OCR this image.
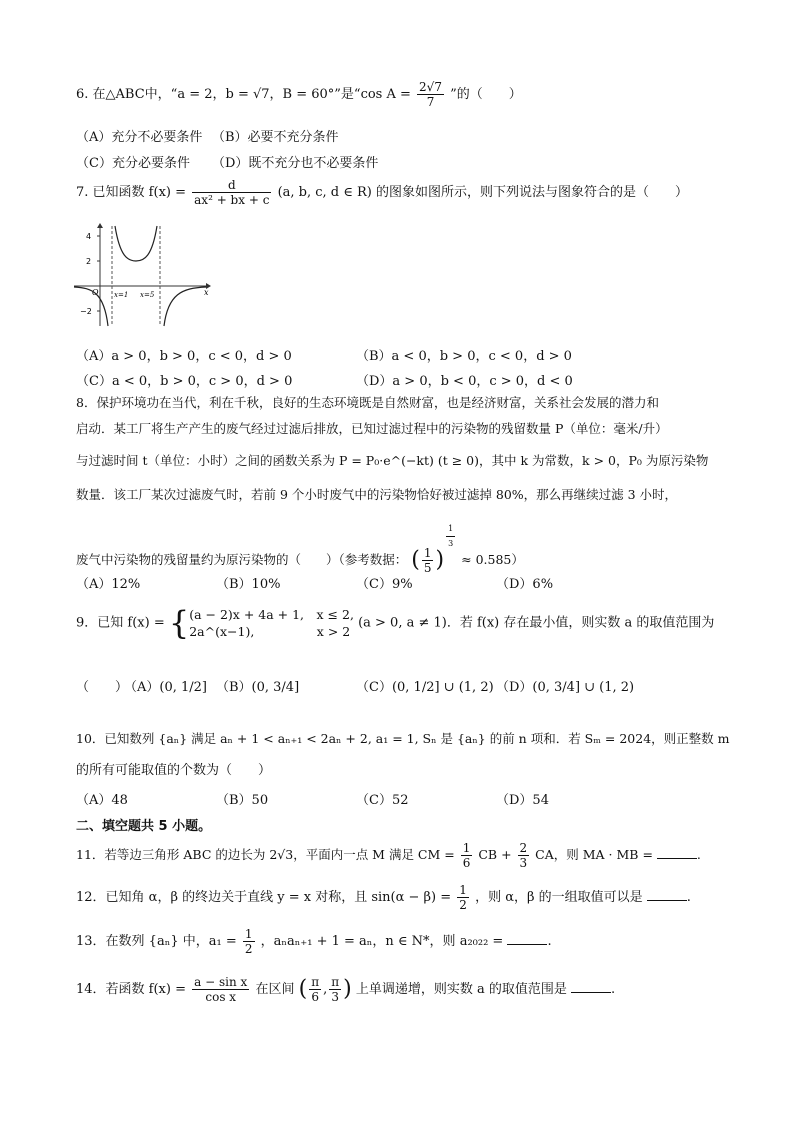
6. 在△ABC中，“a = 2，b = √7，B = 60°”是“cos $A = \frac{2√7}{7}$ ”的（　　）
（A）充分不必要条件 （B）必要不充分条件
（C）充分必要条件 （D）既不充分也不必要条件
7. 已知函数 $f(x) = \frac{d}{\text{ax² + bx + c}} (a$, b, c, d ∈ R) 的图象如图所示，则下列说法与图象符合的是（　　）
4
2
−2
O	x
x=1 x=5
（A）a > 0，b > 0，c < 0，d > 0	（B）a < 0，b > 0，c < 0，d > 0
（C）a < 0，b > 0，c > 0，d > 0	（D）a > 0，b < 0，c > 0，d < 0
8．保护环境功在当代，利在千秋，良好的生态环境既是自然财富，也是经济财富，关系社会发展的潜力和
启动．某工厂将生产产生的废气经过过滤后排放，已知过滤过程中的污染物的残留数量 P（单位：毫米/升）
与过滤时间 t（单位：小时）之间的函数关系为 P = P₀·e^(−kt) (t ≥ 0)，其中 k 为常数，k > 0，P₀ 为原污染物
数量．该工厂某次过滤废气时，若前 9 个小时废气中的污染物恰好被过滤掉 80%，那么再继续过滤 3 小时，
废气中污染物的残留量约为原污染物的（　　）（参考数据： ( $\frac{1}{5}$ )
$^{\frac{1}{3}}$
≈ 0.585）
（A）12%	（B）10%	（C）9%	（D）6%
9．已知 f(x) = { (a − 2)x + 4a + 1,　x ≤ 2,
2a^(x−1),　　　　　x > 2
(a > 0, a ≠ 1)．若 f(x) 存在最小值，则实数 a 的取值范围为
（　　）
（A）(0, 1/2] （B）(0, 3/4]	（C）(0, 1/2] ∪ (1, 2) （D）(0, 3/4] ∪ (1, 2)
10．已知数列 {aₙ} 满足 aₙ + 1 < aₙ₊₁ < 2aₙ + 2, a₁ = 1, Sₙ 是 {aₙ} 的前 n 项和．若 Sₘ = 2024，则正整数 m
的所有可能取值的个数为（　　）
（A）48	（B）50	（C）52	（D）54
二、填空题共 5 小题。
11．若等边三角形 ABC 的边长为 2√3，平面内一点 M 满足 CM = $\frac{1}{6}$ CB + $\frac{2}{3}$ CA，则 MA · MB =	.
12．已知角 α，β 的终边关于直线 y = x 对称，且 $\sin(\alpha - \beta) = \frac{1}{2}$ ，则 α，β 的一组取值可以是	.
13．在数列 {aₙ} 中，$a_1 = \frac{1}{2}$ ，aₙaₙ₊₁ + 1 = aₙ，n ∈ N*，则 a₂₀₂₂ =	.
14．若函数 $f(x) = \frac{\text{a − sin x}}{\text{cos x}}$ 在区间 ( $\frac{\pi}{6}$ , $\frac{\pi}{3}$ ) 上单调递增，则实数 a 的取值范围是	.
